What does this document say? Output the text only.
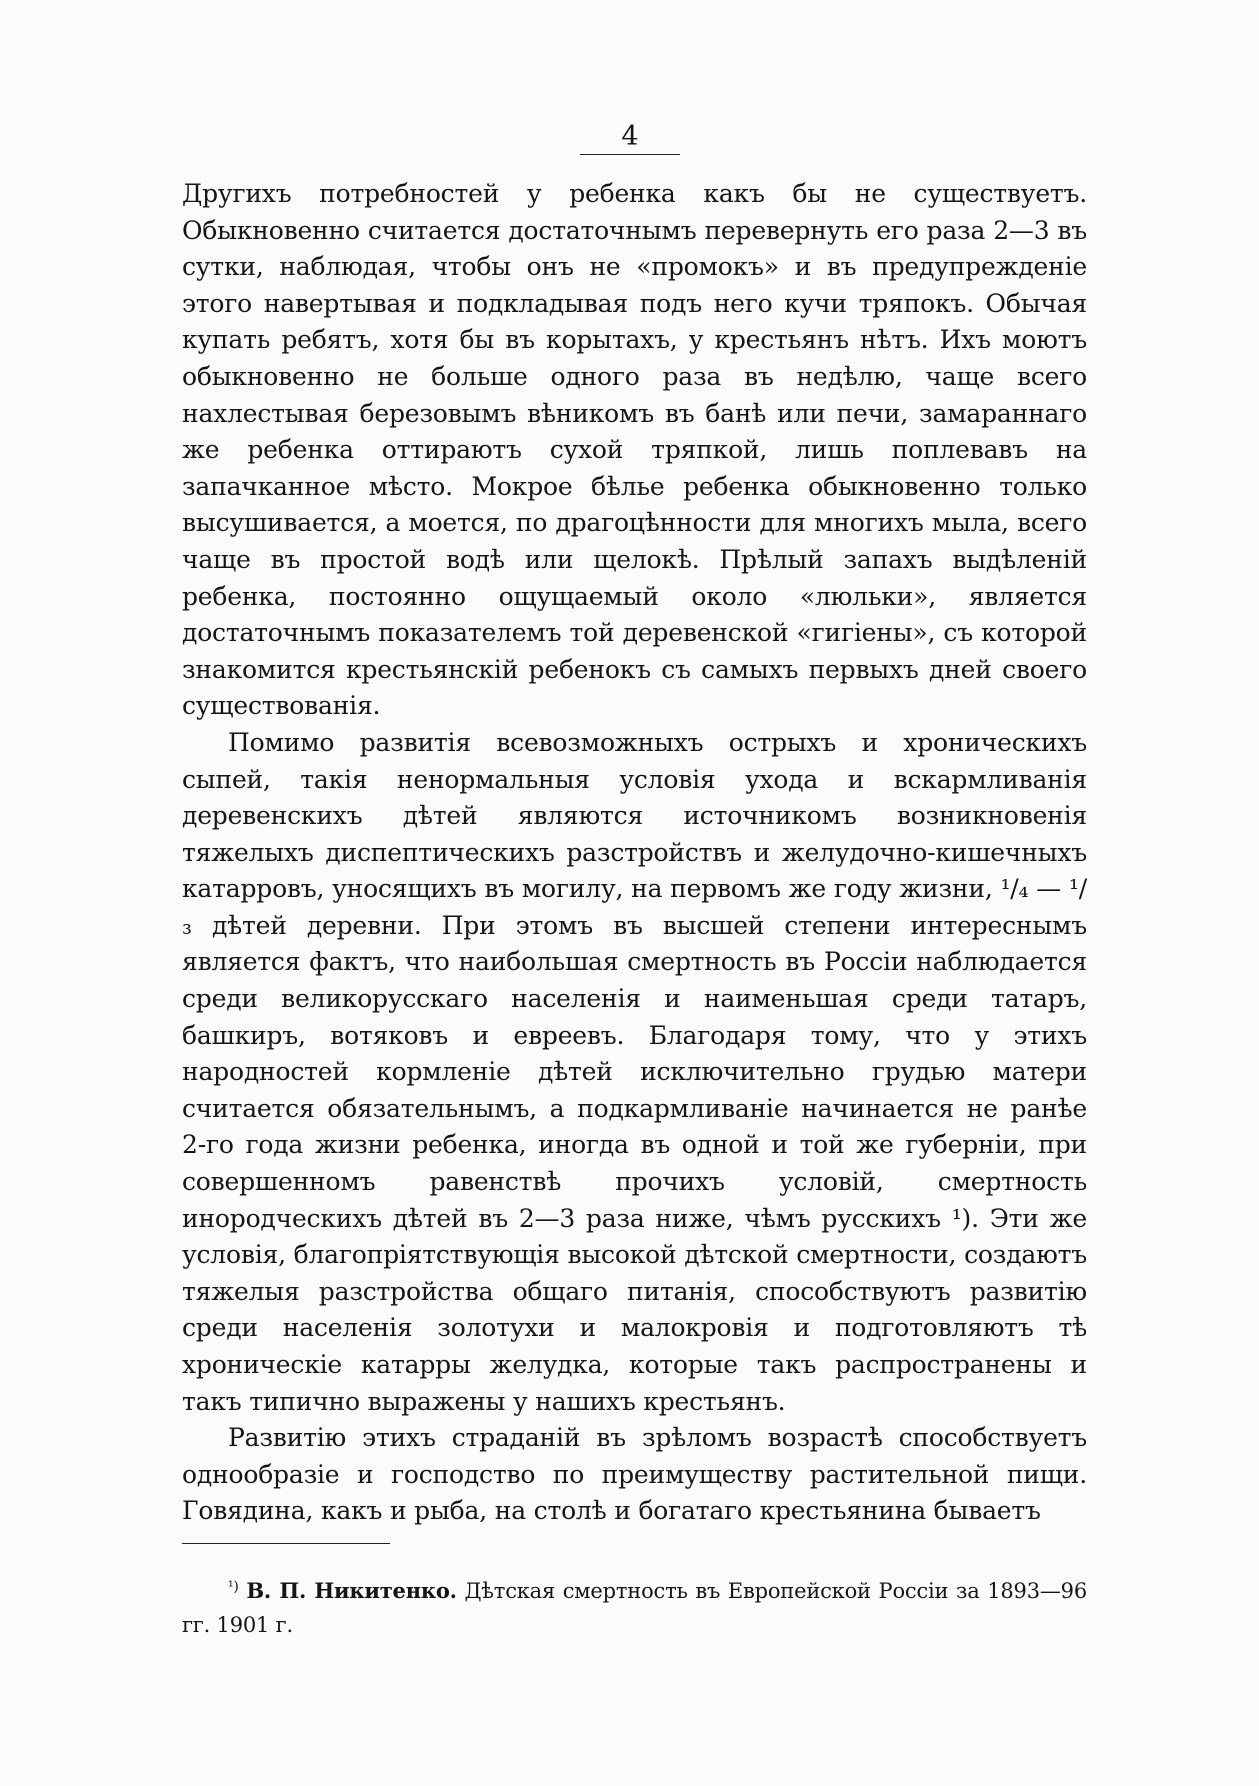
4

Другихъ потребностей у ребенка какъ бы не существуетъ. Обыкновенно считается достаточнымъ перевернуть его раза 2—3 въ сутки, наблюдая, чтобы онъ не «промокъ» и въ предупрежденіе этого навертывая и подкладывая подъ него кучи тряпокъ. Обычая купать ребятъ, хотя бы въ корытахъ, у крестьянъ нѣтъ. Ихъ моютъ обыкновенно не больше одного раза въ недѣлю, чаще всего нахлестывая березовымъ вѣникомъ въ банѣ или печи, замараннаго же ребенка оттираютъ сухой тряпкой, лишь поплевавъ на запачканное мѣсто. Мокрое бѣлье ребенка обыкновенно только высушивается, а моется, по драгоцѣнности для многихъ мыла, всего чаще въ простой водѣ или щелокѣ. Прѣлый запахъ выдѣленій ребенка, постоянно ощущаемый около «люльки», является достаточнымъ показателемъ той деревенской «гигіены», съ которой знакомится крестьянскій ребенокъ съ самыхъ первыхъ дней своего существованія.

Помимо развитія всевозможныхъ острыхъ и хроническихъ сыпей, такія ненормальныя условія ухода и вскармливанія деревенскихъ дѣтей являются источникомъ возникновенія тяжелыхъ диспептическихъ разстройствъ и желудочно-кишечныхъ катарровъ, уносящихъ въ могилу, на первомъ же году жизни, ¹/₄ — ¹/₃ дѣтей деревни. При этомъ въ высшей степени интереснымъ является фактъ, что наибольшая смертность въ Россіи наблюдается среди великорусскаго населенія и наименьшая среди татаръ, башкиръ, вотяковъ и евреевъ. Благодаря тому, что у этихъ народностей кормленіе дѣтей исключительно грудью матери считается обязательнымъ, а подкармливаніе начинается не ранѣе 2-го года жизни ребенка, иногда въ одной и той же губерніи, при совершенномъ равенствѣ прочихъ условій, смертность инородческихъ дѣтей въ 2—3 раза ниже, чѣмъ русскихъ ¹). Эти же условія, благопріятствующія высокой дѣтской смертности, создаютъ тяжелыя разстройства общаго питанія, способствуютъ развитію среди населенія золотухи и малокровія и подготовляютъ тѣ хроническіе катарры желудка, которые такъ распространены и такъ типично выражены у нашихъ крестьянъ.

Развитію этихъ страданій въ зрѣломъ возрастѣ способствуетъ однообразіе и господство по преимуществу растительной пищи. Говядина, какъ и рыба, на столѣ и богатаго крестьянина бываетъ

$^{^1)}$ В. П. Никитенко. Дѣтская смертность въ Европейской Россіи за 1893—96 гг. 1901 г.
